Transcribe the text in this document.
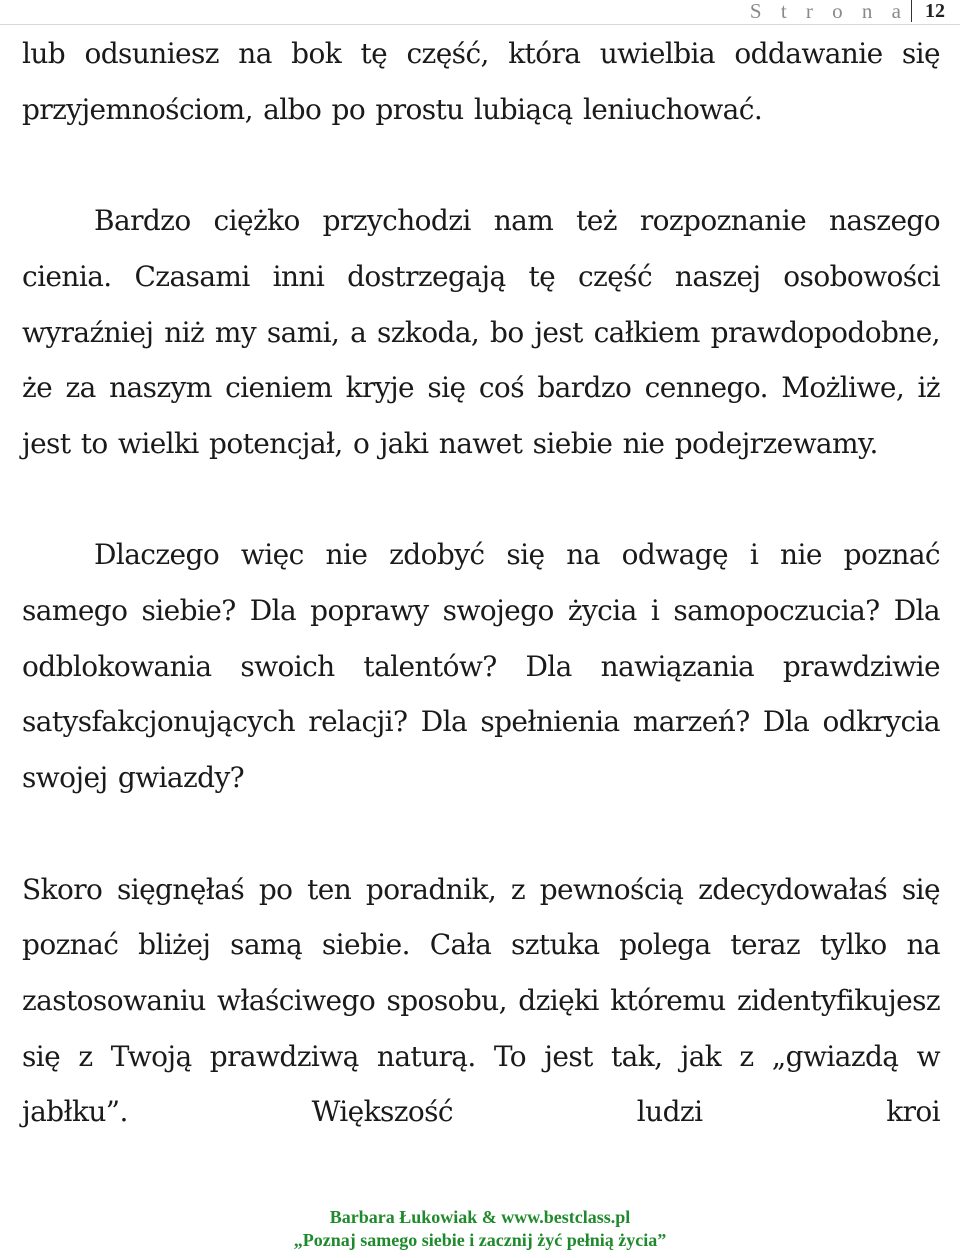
S t r o n a 12

lub odsuniesz na bok tę część, która uwielbia oddawanie się przyjemnościom, albo po prostu lubiącą leniuchować.

Bardzo ciężko przychodzi nam też rozpoznanie naszego cienia. Czasami inni dostrzegają tę część naszej osobowości wyraźniej niż my sami, a szkoda, bo jest całkiem prawdopodobne, że za naszym cieniem kryje się coś bardzo cennego. Możliwe, iż jest to wielki potencjał, o jaki nawet siebie nie podejrzewamy.

Dlaczego więc nie zdobyć się na odwagę i nie poznać samego siebie? Dla poprawy swojego życia i samopoczucia? Dla odblokowania swoich talentów? Dla nawiązania prawdziwie satysfakcjonujących relacji? Dla spełnienia marzeń? Dla odkrycia swojej gwiazdy?

Skoro sięgnęłaś po ten poradnik, z pewnością zdecydowałaś się poznać bliżej samą siebie. Cała sztuka polega teraz tylko na zastosowaniu właściwego sposobu, dzięki któremu zidentyfikujesz się z Twoją prawdziwą naturą. To jest tak, jak z „gwiazdą w jabłku”. Większość ludzi kroi

Barbara Łukowiak & www.bestclass.pl
„Poznaj samego siebie i zacznij żyć pełnią życia”
